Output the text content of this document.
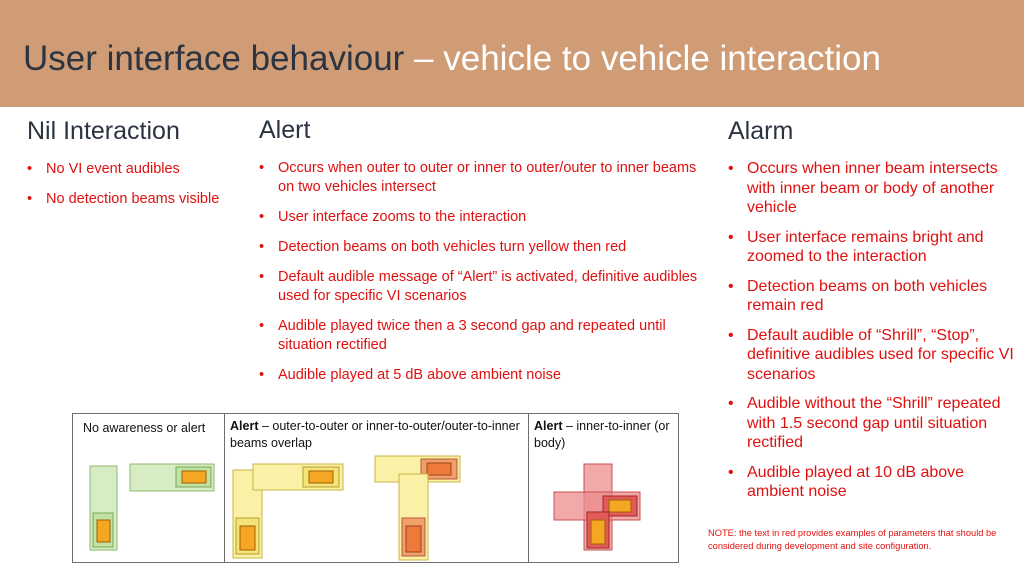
User interface behaviour – vehicle to vehicle interaction
Nil Interaction
• No VI event audibles
• No detection beams visible
Alert
• Occurs when outer to outer or inner to outer/outer to inner beams on two vehicles intersect
• User interface zooms to the interaction
• Detection beams on both vehicles turn yellow then red
• Default audible message of “Alert” is activated, definitive audibles used for specific VI scenarios
• Audible played twice then a 3 second gap and repeated until situation rectified
• Audible played at 5 dB above ambient noise
Alarm
• Occurs when inner beam intersects with inner beam or body of another vehicle
• User interface remains bright and zoomed to the interaction
• Detection beams on both vehicles remain red
• Default audible of “Shrill”, “Stop”, definitive audibles used for specific VI scenarios
• Audible without the “Shrill” repeated with 1.5 second gap until situation rectified
• Audible played at 10 dB above ambient noise
NOTE: the text in red provides examples of parameters that should be considered during development and site configuration.
No awareness or alert	Alert – outer-to-outer or inner-to-outer/outer-to-inner beams overlap
Alert – inner-to-inner (or body)
